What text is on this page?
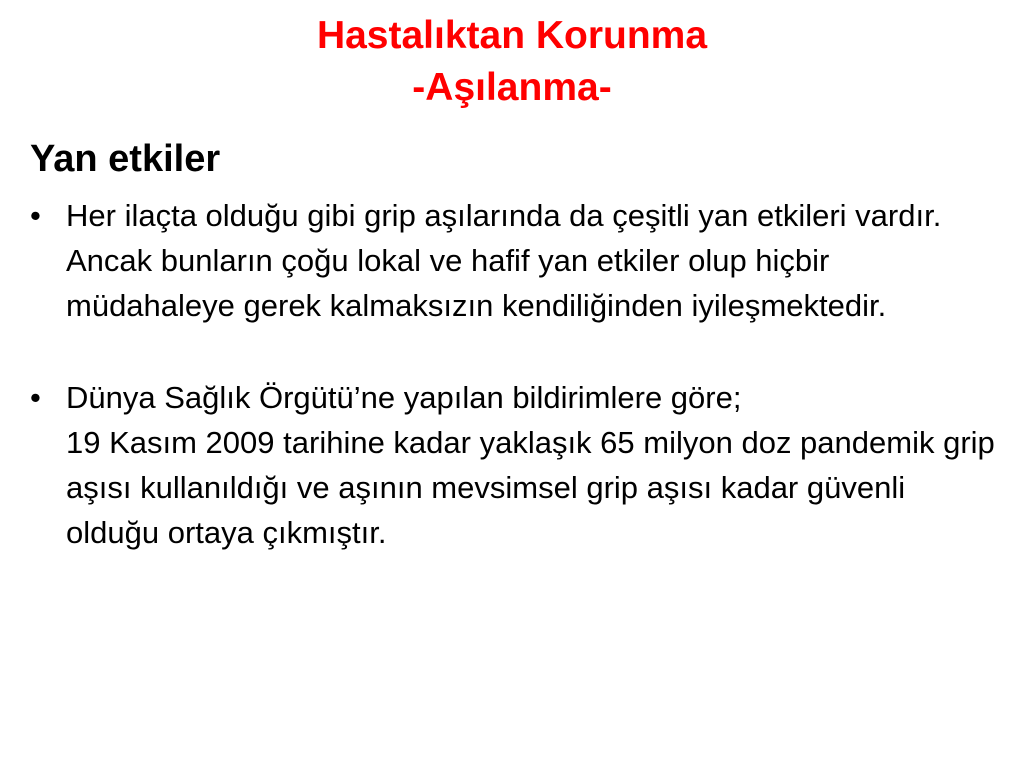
Hastalıktan Korunma

-Aşılanma-

Yan etkiler
• Her ilaçta olduğu gibi grip aşılarında da çeşitli yan etkileri vardır. Ancak bunların çoğu lokal ve hafif yan etkiler olup hiçbir müdahaleye gerek kalmaksızın kendiliğinden iyileşmektedir.
• Dünya Sağlık Örgütü’ne yapılan bildirimlere göre;
19 Kasım 2009 tarihine kadar yaklaşık 65 milyon doz pandemik grip aşısı kullanıldığı ve aşının mevsimsel grip aşısı kadar güvenli olduğu ortaya çıkmıştır.
